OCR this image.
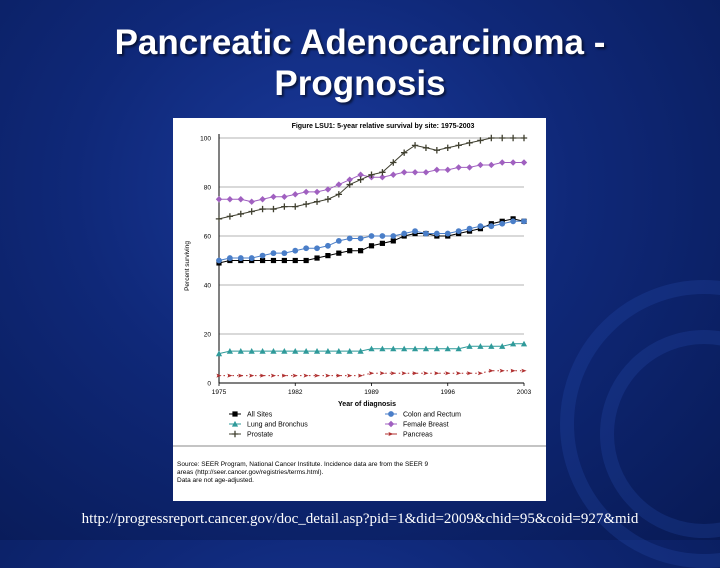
Pancreatic Adenocarcinoma -
Prognosis
Figure LSU1: 5-year relative survival by site: 1975-2003
0
20
40
60
80
100
1975	1982	1989	1996	2003
Percent surviving
Year of diagnosis
All Sites	Colon and Rectum
Lung and Bronchus	Female Breast
Prostate	Pancreas
Source: SEER Program, National Cancer Institute. Incidence data are from the SEER 9
areas (http://seer.cancer.gov/registries/terms.html).
Data are not age-adjusted.
http://progressreport.cancer.gov/doc_detail.asp?pid=1&did=2009&chid=95&coid=927&mid
